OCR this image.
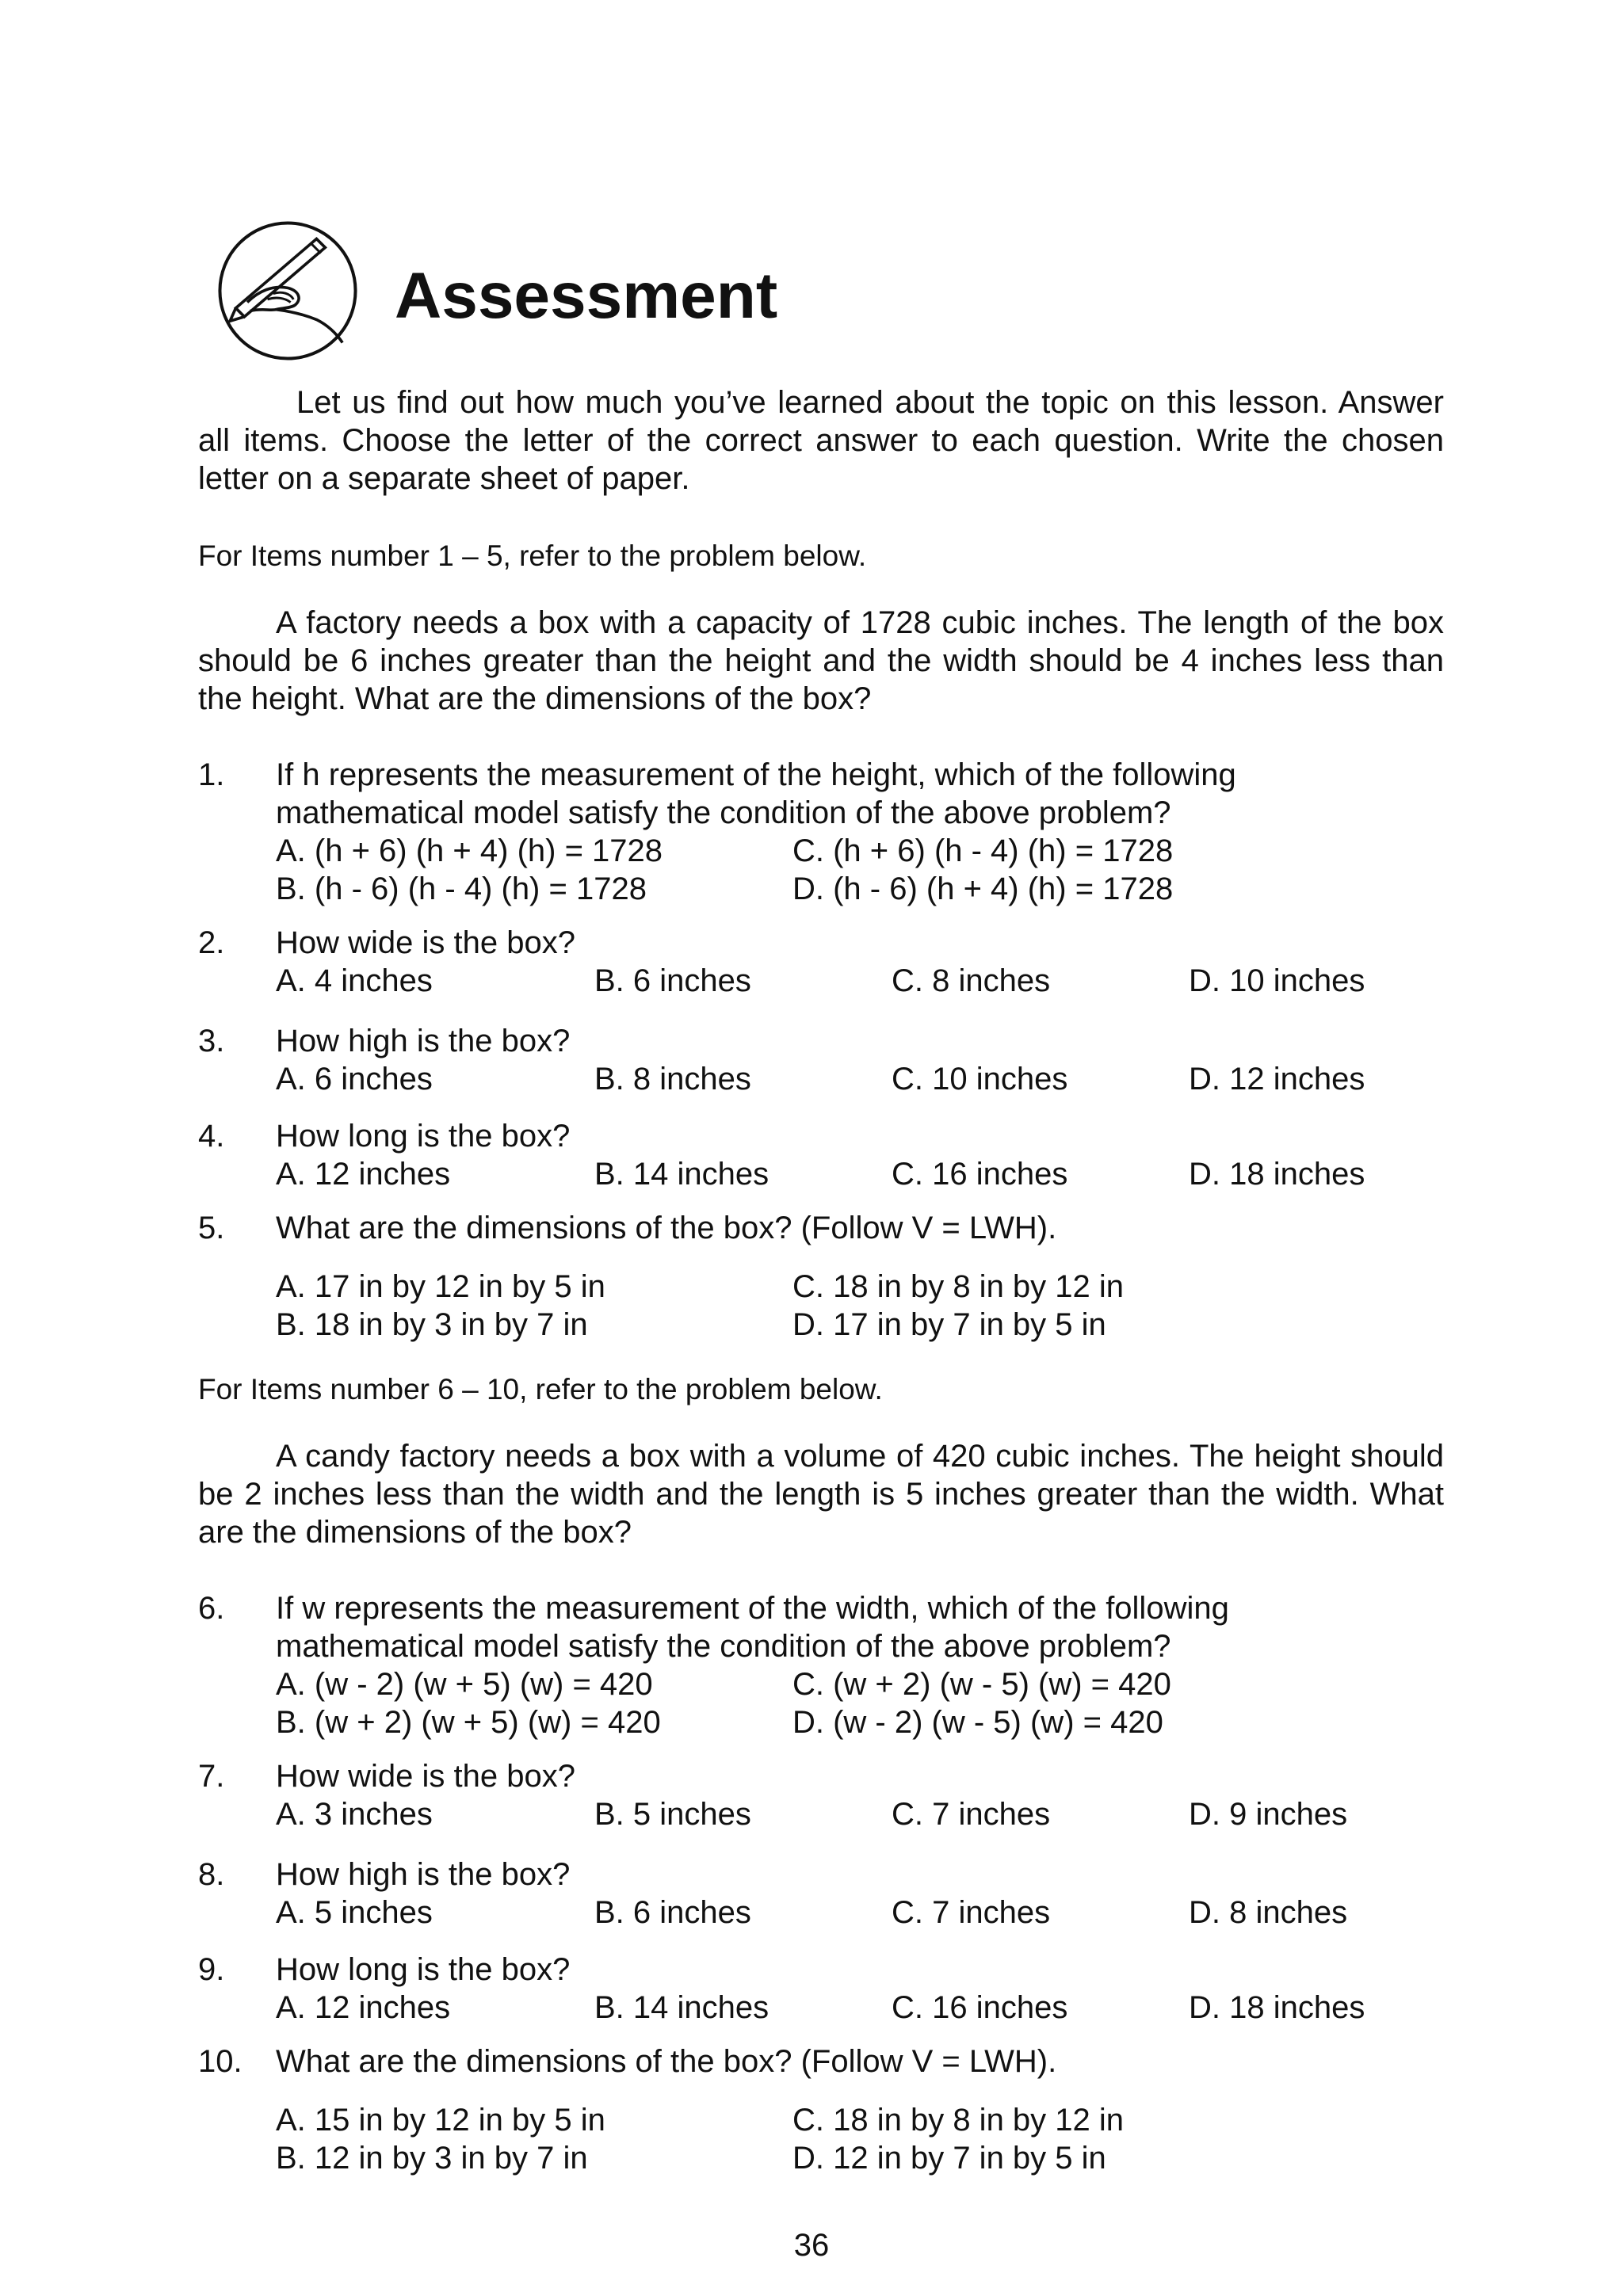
Assessment
Let us find out how much you’ve learned about the topic on this lesson. Answer all items. Choose the letter of the correct answer to each question. Write the chosen letter on a separate sheet of paper.
For Items number 1 – 5, refer to the problem below.
A factory needs a box with a capacity of 1728 cubic inches. The length of the box should be 6 inches greater than the height and the width should be 4 inches less than the height. What are the dimensions of the box?
1. If h represents the measurement of the height, which of the following
mathematical model satisfy the condition of the above problem?
A. (h + 6) (h + 4) (h) = 1728	C. (h + 6) (h - 4) (h) = 1728
B. (h - 6) (h - 4) (h) = 1728	D. (h - 6) (h + 4) (h) = 1728
2. How wide is the box?
A. 4 inches	B. 6 inches	C. 8 inches	D. 10 inches
3. How high is the box?
A. 6 inches	B. 8 inches	C. 10 inches	D. 12 inches
4. How long is the box?
A. 12 inches	B. 14 inches	C. 16 inches	D. 18 inches
5. What are the dimensions of the box? (Follow V = LWH).
A. 17 in by 12 in by 5 in	C. 18 in by 8 in by 12 in
B. 18 in by 3 in by 7 in	D. 17 in by 7 in by 5 in
For Items number 6 – 10, refer to the problem below.
A candy factory needs a box with a volume of 420 cubic inches. The height should be 2 inches less than the width and the length is 5 inches greater than the width. What are the dimensions of the box?
6. If w represents the measurement of the width, which of the following
mathematical model satisfy the condition of the above problem?
A. (w - 2) (w + 5) (w) = 420	C. (w + 2) (w - 5) (w) = 420
B. (w + 2) (w + 5) (w) = 420	D. (w - 2) (w - 5) (w) = 420
7. How wide is the box?
A. 3 inches	B. 5 inches	C. 7 inches	D. 9 inches
8. How high is the box?
A. 5 inches	B. 6 inches	C. 7 inches	D. 8 inches
9. How long is the box?
A. 12 inches	B. 14 inches	C. 16 inches	D. 18 inches
10. What are the dimensions of the box? (Follow V = LWH).
A. 15 in by 12 in by 5 in	C. 18 in by 8 in by 12 in
B. 12 in by 3 in by 7 in	D. 12 in by 7 in by 5 in
36
